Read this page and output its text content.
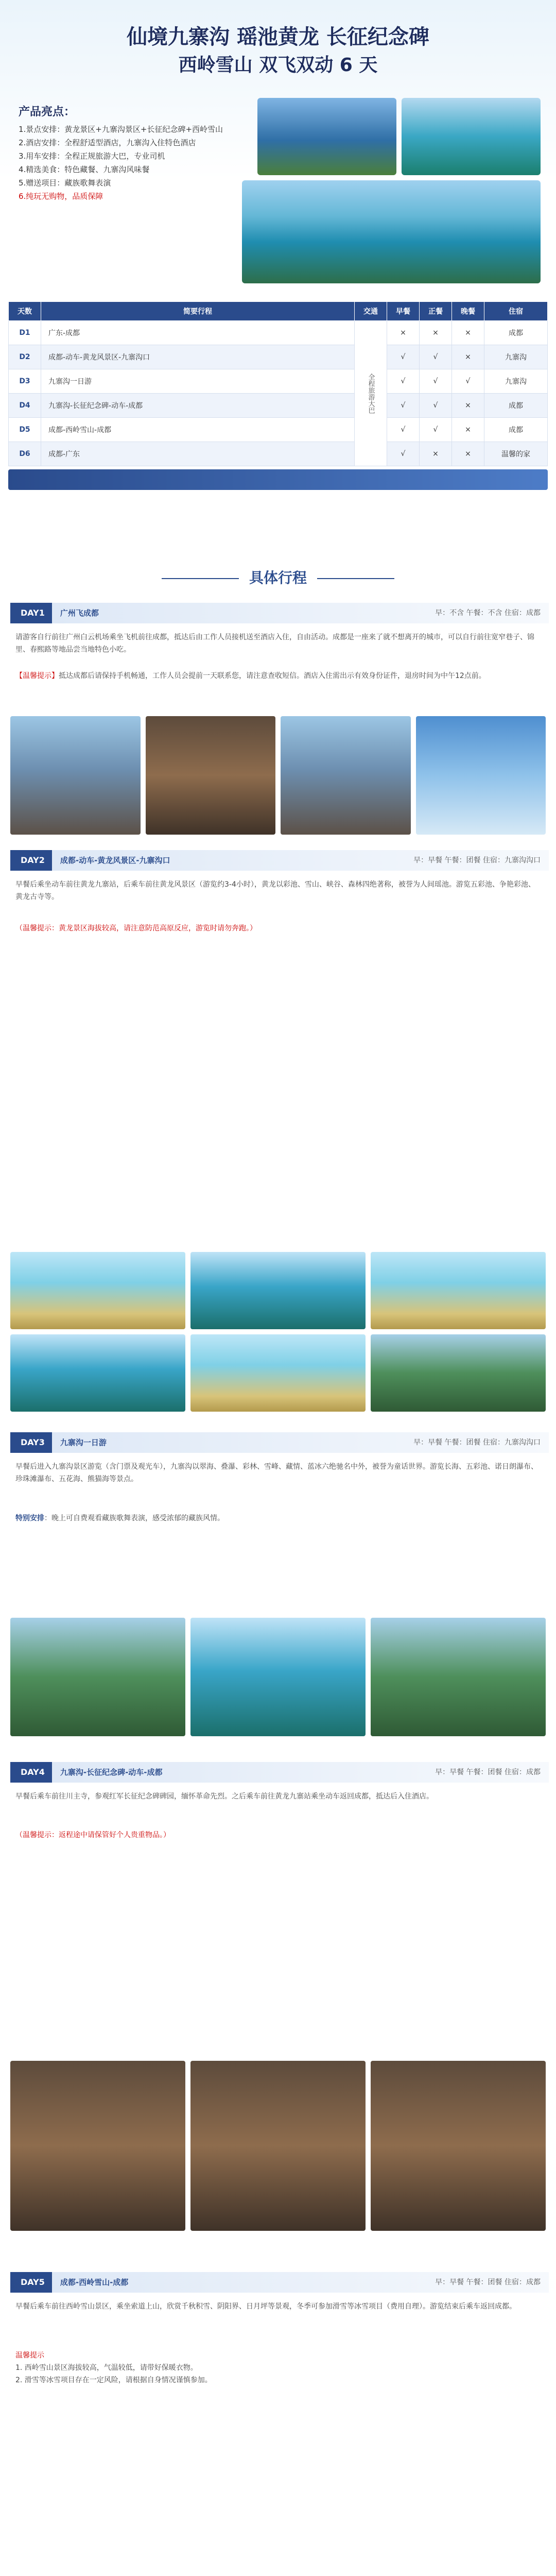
仙境九寨沟 瑶池黄龙 长征纪念碑
西岭雪山 双飞双动 6 天
产品亮点：
1.景点安排：黄龙景区+九寨沟景区+长征纪念碑+西岭雪山
2.酒店安排：全程舒适型酒店，九寨沟入住特色酒店
3.用车安排：全程正规旅游大巴，专业司机
4.精选美食：特色藏餐、九寨沟风味餐
5.赠送项目：藏族歌舞表演
6.纯玩无购物，品质保障
天数	简要行程	交通	早餐	正餐	晚餐	住宿
D1	广东-成都	全程旅游大巴	×	×	×	成都
D2	成都-动车-黄龙风景区-九寨沟口		√	√	×	九寨沟
D3	九寨沟一日游		√	√	√	九寨沟
D4	九寨沟-长征纪念碑-动车-成都		√	√	×	成都
D5	成都-西岭雪山-成都		√	√	×	成都
D6	成都-广东		√	×	×	温馨的家
具体行程
DAY1 广州飞成都	早：不含 午餐：不含 住宿：成都
请游客自行前往广州白云机场乘坐飞机前往成都，抵达后由工作人员接机送至酒店入住，自由活动。成都是一座来了就不想离开的城市，可以自行前往宽窄巷子、锦里、春熙路等地品尝当地特色小吃。
【温馨提示】抵达成都后请保持手机畅通，工作人员会提前一天联系您，请注意查收短信。酒店入住需出示有效身份证件，退房时间为中午12点前。
DAY2 成都-动车-黄龙风景区-九寨沟口	早：早餐 午餐：团餐 住宿：九寨沟沟口
早餐后乘坐动车前往黄龙九寨站，后乘车前往黄龙风景区（游览约3-4小时），黄龙以彩池、雪山、峡谷、森林四绝著称，被誉为人间瑶池。游览五彩池、争艳彩池、黄龙古寺等。
（温馨提示：黄龙景区海拔较高，请注意防范高原反应，游览时请勿奔跑。）
DAY3 九寨沟一日游	早：早餐 午餐：团餐 住宿：九寨沟沟口
早餐后进入九寨沟景区游览（含门票及观光车），九寨沟以翠海、叠瀑、彩林、雪峰、藏情、蓝冰六绝驰名中外，被誉为童话世界。游览长海、五彩池、诺日朗瀑布、珍珠滩瀑布、五花海、熊猫海等景点。
特别安排：晚上可自费观看藏族歌舞表演，感受浓郁的藏族风情。
DAY4 九寨沟-长征纪念碑-动车-成都	早：早餐 午餐：团餐 住宿：成都
早餐后乘车前往川主寺，参观红军长征纪念碑碑园，缅怀革命先烈。之后乘车前往黄龙九寨站乘坐动车返回成都，抵达后入住酒店。
（温馨提示：返程途中请保管好个人贵重物品。）
DAY5 成都-西岭雪山-成都	早：早餐 午餐：团餐 住宿：成都
早餐后乘车前往西岭雪山景区，乘坐索道上山，欣赏千秋积雪、阴阳界、日月坪等景观，冬季可参加滑雪等冰雪项目（费用自理）。游览结束后乘车返回成都。
温馨提示
1. 西岭雪山景区海拔较高，气温较低，请带好保暖衣物。
2. 滑雪等冰雪项目存在一定风险，请根据自身情况谨慎参加。
